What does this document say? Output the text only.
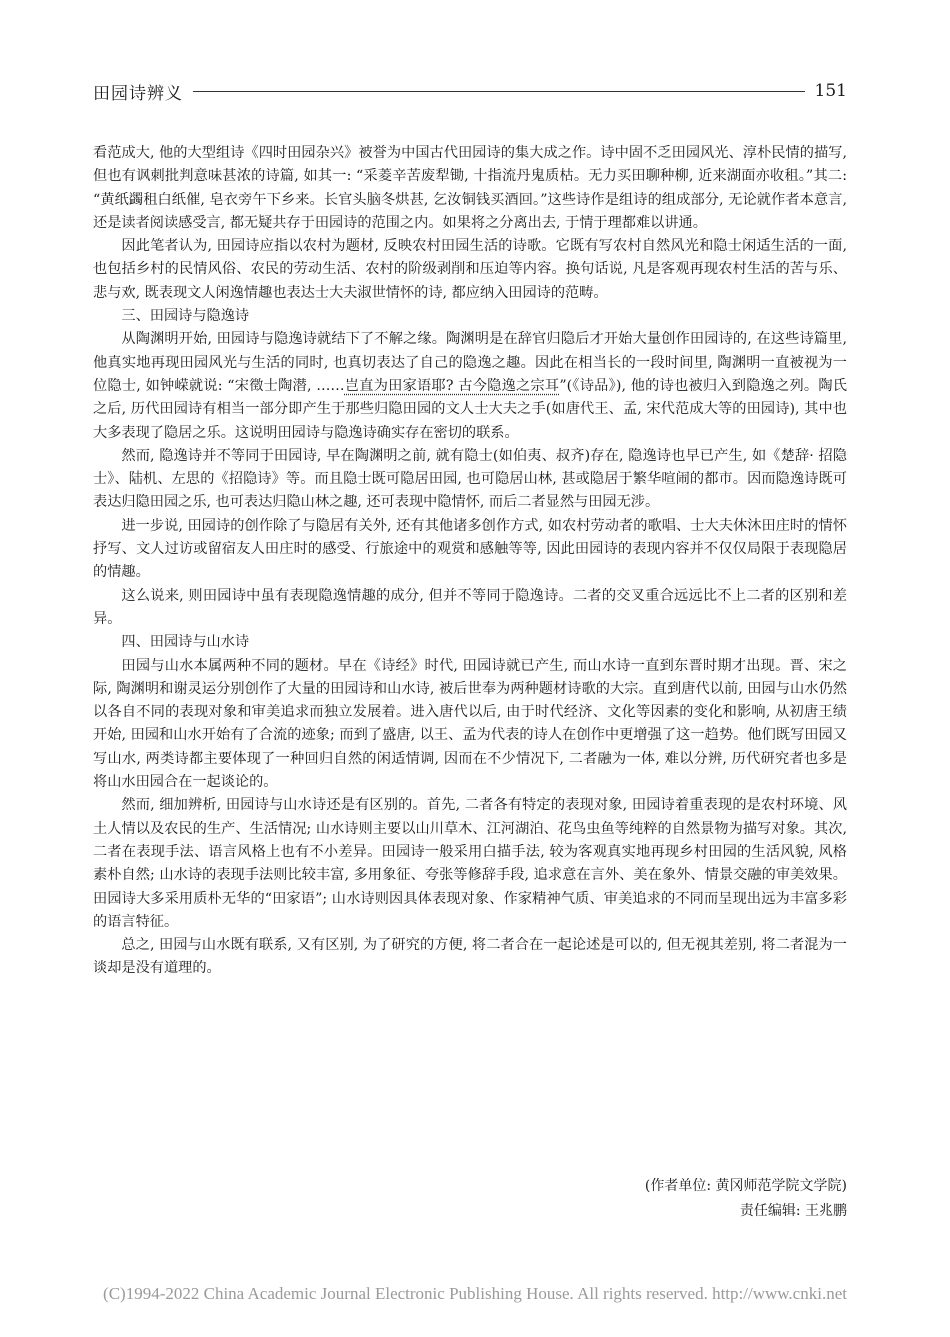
田园诗辨义	151

看范成大, 他的大型组诗《四时田园杂兴》被誉为中国古代田园诗的集大成之作。诗中固不乏田园风光、淳朴民情的描写, 但也有讽刺批判意味甚浓的诗篇, 如其一: “采菱辛苦废犁锄, 十指流丹鬼质枯。无力买田聊种柳, 近来湖面亦收租。”其二: “黄纸蠲租白纸催, 皂衣旁午下乡来。长官头脑冬烘甚, 乞汝铜钱买酒回。”这些诗作是组诗的组成部分, 无论就作者本意言, 还是读者阅读感受言, 都无疑共存于田园诗的范围之内。如果将之分离出去, 于情于理都难以讲通。

因此笔者认为, 田园诗应指以农村为题材, 反映农村田园生活的诗歌。它既有写农村自然风光和隐士闲适生活的一面, 也包括乡村的民情风俗、农民的劳动生活、农村的阶级剥削和压迫等内容。换句话说, 凡是客观再现农村生活的苦与乐、悲与欢, 既表现文人闲逸情趣也表达士大夫淑世情怀的诗, 都应纳入田园诗的范畴。

三、田园诗与隐逸诗

从陶渊明开始, 田园诗与隐逸诗就结下了不解之缘。陶渊明是在辞官归隐后才开始大量创作田园诗的, 在这些诗篇里, 他真实地再现田园风光与生活的同时, 也真切表达了自己的隐逸之趣。因此在相当长的一段时间里, 陶渊明一直被视为一位隐士, 如钟嵘就说: “宋徵士陶潜, ……岂直为田家语耶? 古今隐逸之宗耳”(《诗品》), 他的诗也被归入到隐逸之列。陶氏之后, 历代田园诗有相当一部分即产生于那些归隐田园的文人士大夫之手(如唐代王、孟, 宋代范成大等的田园诗), 其中也大多表现了隐居之乐。这说明田园诗与隐逸诗确实存在密切的联系。

然而, 隐逸诗并不等同于田园诗, 早在陶渊明之前, 就有隐士(如伯夷、叔齐)存在, 隐逸诗也早已产生, 如《楚辞· 招隐士》、陆机、左思的《招隐诗》等。而且隐士既可隐居田园, 也可隐居山林, 甚或隐居于繁华喧闹的都市。因而隐逸诗既可表达归隐田园之乐, 也可表达归隐山林之趣, 还可表现中隐情怀, 而后二者显然与田园无涉。

进一步说, 田园诗的创作除了与隐居有关外, 还有其他诸多创作方式, 如农村劳动者的歌唱、士大夫休沐田庄时的情怀抒写、文人过访或留宿友人田庄时的感受、行旅途中的观赏和感触等等, 因此田园诗的表现内容并不仅仅局限于表现隐居的情趣。

这么说来, 则田园诗中虽有表现隐逸情趣的成分, 但并不等同于隐逸诗。二者的交叉重合远远比不上二者的区别和差异。

四、田园诗与山水诗

田园与山水本属两种不同的题材。早在《诗经》时代, 田园诗就已产生, 而山水诗一直到东晋时期才出现。晋、宋之际, 陶渊明和谢灵运分别创作了大量的田园诗和山水诗, 被后世奉为两种题材诗歌的大宗。直到唐代以前, 田园与山水仍然以各自不同的表现对象和审美追求而独立发展着。进入唐代以后, 由于时代经济、文化等因素的变化和影响, 从初唐王绩开始, 田园和山水开始有了合流的迹象; 而到了盛唐, 以王、孟为代表的诗人在创作中更增强了这一趋势。他们既写田园又写山水, 两类诗都主要体现了一种回归自然的闲适情调, 因而在不少情况下, 二者融为一体, 难以分辨, 历代研究者也多是将山水田园合在一起谈论的。

然而, 细加辨析, 田园诗与山水诗还是有区别的。首先, 二者各有特定的表现对象, 田园诗着重表现的是农村环境、风土人情以及农民的生产、生活情况; 山水诗则主要以山川草木、江河湖泊、花鸟虫鱼等纯粹的自然景物为描写对象。其次, 二者在表现手法、语言风格上也有不小差异。田园诗一般采用白描手法, 较为客观真实地再现乡村田园的生活风貌, 风格素朴自然; 山水诗的表现手法则比较丰富, 多用象征、夸张等修辞手段, 追求意在言外、美在象外、情景交融的审美效果。田园诗大多采用质朴无华的“田家语”; 山水诗则因具体表现对象、作家精神气质、审美追求的不同而呈现出远为丰富多彩的语言特征。

总之, 田园与山水既有联系, 又有区别, 为了研究的方便, 将二者合在一起论述是可以的, 但无视其差别, 将二者混为一谈却是没有道理的。

(作者单位: 黄冈师范学院文学院)
责任编辑: 王兆鹏
(C)1994-2022 China Academic Journal Electronic Publishing House. All rights reserved. http://www.cnki.net
